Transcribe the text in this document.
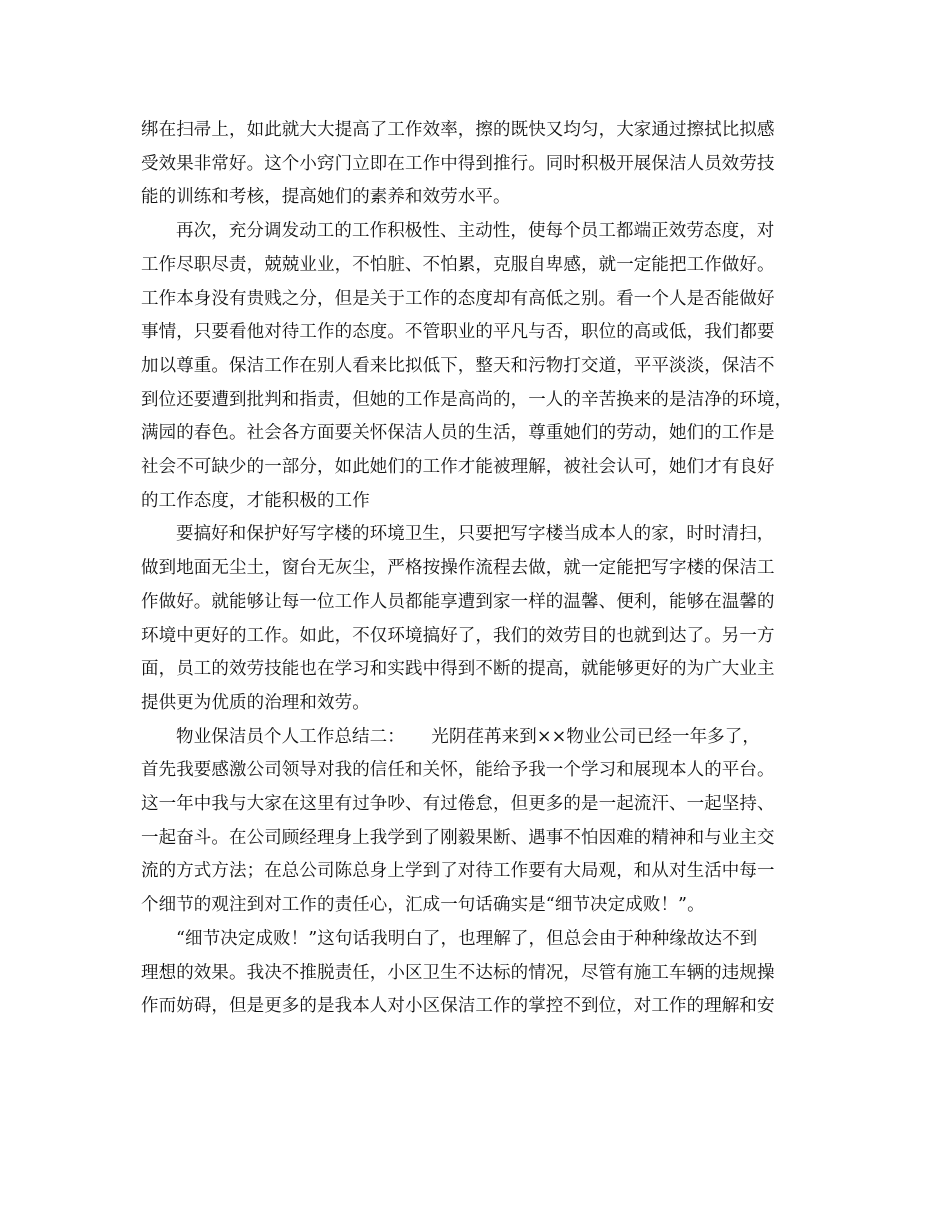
绑在扫帚上，如此就大大提高了工作效率，擦的既快又均匀，大家通过擦拭比拟感
受效果非常好。这个小窍门立即在工作中得到推行。同时积极开展保洁人员效劳技
能的训练和考核，提高她们的素养和效劳水平。

再次，充分调发动工的工作积极性、主动性，使每个员工都端正效劳态度，对
工作尽职尽责，兢兢业业，不怕脏、不怕累，克服自卑感，就一定能把工作做好。
工作本身没有贵贱之分，但是关于工作的态度却有高低之别。看一个人是否能做好
事情，只要看他对待工作的态度。不管职业的平凡与否，职位的高或低，我们都要
加以尊重。保洁工作在别人看来比拟低下，整天和污物打交道，平平淡淡，保洁不
到位还要遭到批判和指责，但她的工作是高尚的，一人的辛苦换来的是洁净的环境，
满园的春色。社会各方面要关怀保洁人员的生活，尊重她们的劳动，她们的工作是
社会不可缺少的一部分，如此她们的工作才能被理解，被社会认可，她们才有良好
的工作态度，才能积极的工作

要搞好和保护好写字楼的环境卫生，只要把写字楼当成本人的家，时时清扫，
做到地面无尘土，窗台无灰尘，严格按操作流程去做，就一定能把写字楼的保洁工
作做好。就能够让每一位工作人员都能享遭到家一样的温馨、便利，能够在温馨的
环境中更好的工作。如此，不仅环境搞好了，我们的效劳目的也就到达了。另一方
面，员工的效劳技能也在学习和实践中得到不断的提高，就能够更好的为广大业主
提供更为优质的治理和效劳。

物业保洁员个人工作总结二：　　光阴荏苒来到××物业公司已经一年多了，
首先我要感激公司领导对我的信任和关怀，能给予我一个学习和展现本人的平台。
这一年中我与大家在这里有过争吵、有过倦怠，但更多的是一起流汗、一起坚持、
一起奋斗。在公司顾经理身上我学到了刚毅果断、遇事不怕因难的精神和与业主交
流的方式方法；在总公司陈总身上学到了对待工作要有大局观，和从对生活中每一
个细节的观注到对工作的责任心，汇成一句话确实是“细节决定成败！”。

“细节决定成败！”这句话我明白了，也理解了，但总会由于种种缘故达不到
理想的效果。我决不推脱责任，小区卫生不达标的情况，尽管有施工车辆的违规操
作而妨碍，但是更多的是我本人对小区保洁工作的掌控不到位，对工作的理解和安
